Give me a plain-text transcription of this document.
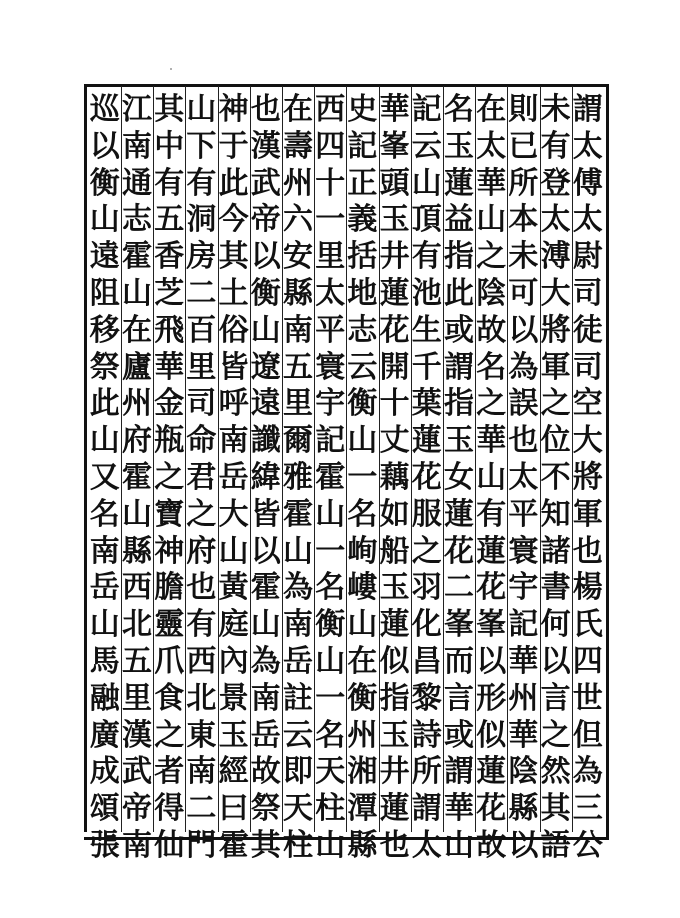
謂
太
傅
太
尉
司
徒
司
空
大
將
軍
也
楊
氏
四
世
但
為
三
公
未
有
登
太
溥
大
將
軍
之
位
不
知
諸
書
何
以
言
之
然
其
語
則
已
所
本
未
可
以
為
誤
也
太
平
寰
宇
記
華
州
華
陰
縣
以
在
太
華
山
之
陰
故
名
之
華
山
有
蓮
花
峯
以
形
似
蓮
花
故
名
玉
蓮
益
指
此
或
謂
指
玉
女
蓮
花
二
峯
而
言
或
謂
華
山
記
云
山
頂
有
池
生
千
葉
蓮
花
服
之
羽
化
昌
黎
詩
所
謂
太
華
峯
頭
玉
井
蓮
花
開
十
丈
藕
如
船
玉
蓮
似
指
玉
井
蓮
也
史
記
正
義
括
地
志
云
衡
山
一
名
峋
嶁
山
在
衡
州
湘
潭
縣
西
四
十
一
里
太
平
寰
宇
記
霍
山
一
名
衡
山
一
名
天
柱
山
在
壽
州
六
安
縣
南
五
里
爾
雅
霍
山
為
南
岳
註
云
即
天
柱
也
漢
武
帝
以
衡
山
遼
遠
讖
緯
皆
以
霍
山
為
南
岳
故
祭
其
神
于
此
今
其
土
俗
皆
呼
南
岳
大
山
黃
庭
內
景
玉
經
曰
霍
山
下
有
洞
房
二
百
里
司
命
君
之
府
也
有
西
北
東
南
二
門
其
中
有
五
香
芝
飛
華
金
瓶
之
寶
神
膽
靈
爪
食
之
者
得
仙
江
南
通
志
霍
山
在
廬
州
府
霍
山
縣
西
北
五
里
漢
武
帝
南
巡
以
衡
山
遠
阻
移
祭
此
山
又
名
南
岳
山
馬
融
廣
成
頌
張
